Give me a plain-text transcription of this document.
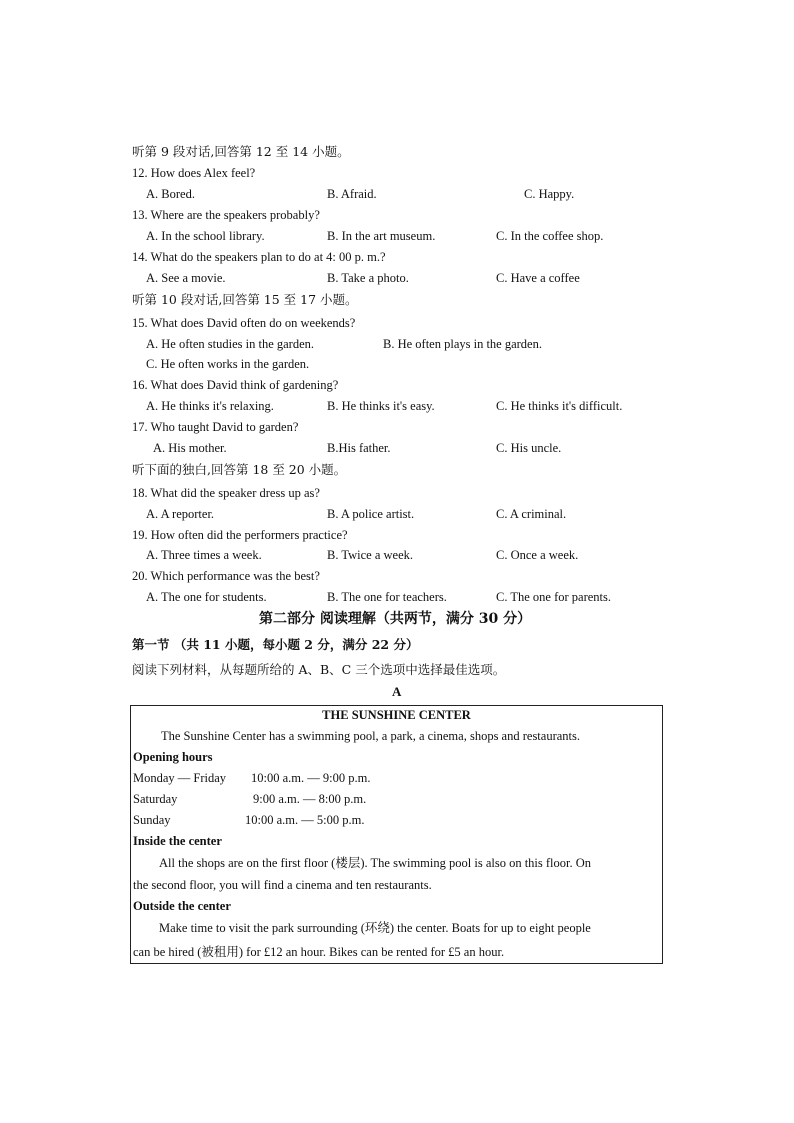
听第 9 段对话,回答第 12 至 14 小题。
12. How does Alex feel?
A. Bored.	B. Afraid.	C. Happy.
13. Where are the speakers probably?
A. In the school library.	B. In the art museum.	C. In the coffee shop.
14. What do the speakers plan to do at 4: 00 p. m.?
A. See a movie.	B. Take a photo.	C. Have a coffee
听第 10 段对话,回答第 15 至 17 小题。
15. What does David often do on weekends?
A. He often studies in the garden.	B. He often plays in the garden.
C. He often works in the garden.
16. What does David think of gardening?
A. He thinks it's relaxing.	B. He thinks it's easy.	C. He thinks it's difficult.
17. Who taught David to garden?
A. His mother.	B.His father.	C. His uncle.
听下面的独白,回答第 18 至 20 小题。
18. What did the speaker dress up as?
A. A reporter.	B. A police artist.	C. A criminal.
19. How often did the performers practice?
A. Three times a week.	B. Twice a week.	C. Once a week.
20. Which performance was the best?
A. The one for students.	B. The one for teachers.	C. The one for parents.
第二部分 阅读理解（共两节，满分 30 分）
第一节 （共 11 小题，每小题 2 分，满分 22 分）
阅读下列材料，从每题所给的 A、B、C 三个选项中选择最佳选项。
A
THE SUNSHINE CENTER
The Sunshine Center has a swimming pool, a park, a cinema, shops and restaurants.
Opening hours
Monday — Friday 10:00 a.m. — 9:00 p.m.
Saturday	9:00 a.m. — 8:00 p.m.
Sunday	10:00 a.m. — 5:00 p.m.
Inside the center
All the shops are on the first floor (楼层). The swimming pool is also on this floor. On
the second floor, you will find a cinema and ten restaurants.
Outside the center
Make time to visit the park surrounding (环绕) the center. Boats for up to eight people
can be hired (被租用) for £12 an hour. Bikes can be rented for £5 an hour.
